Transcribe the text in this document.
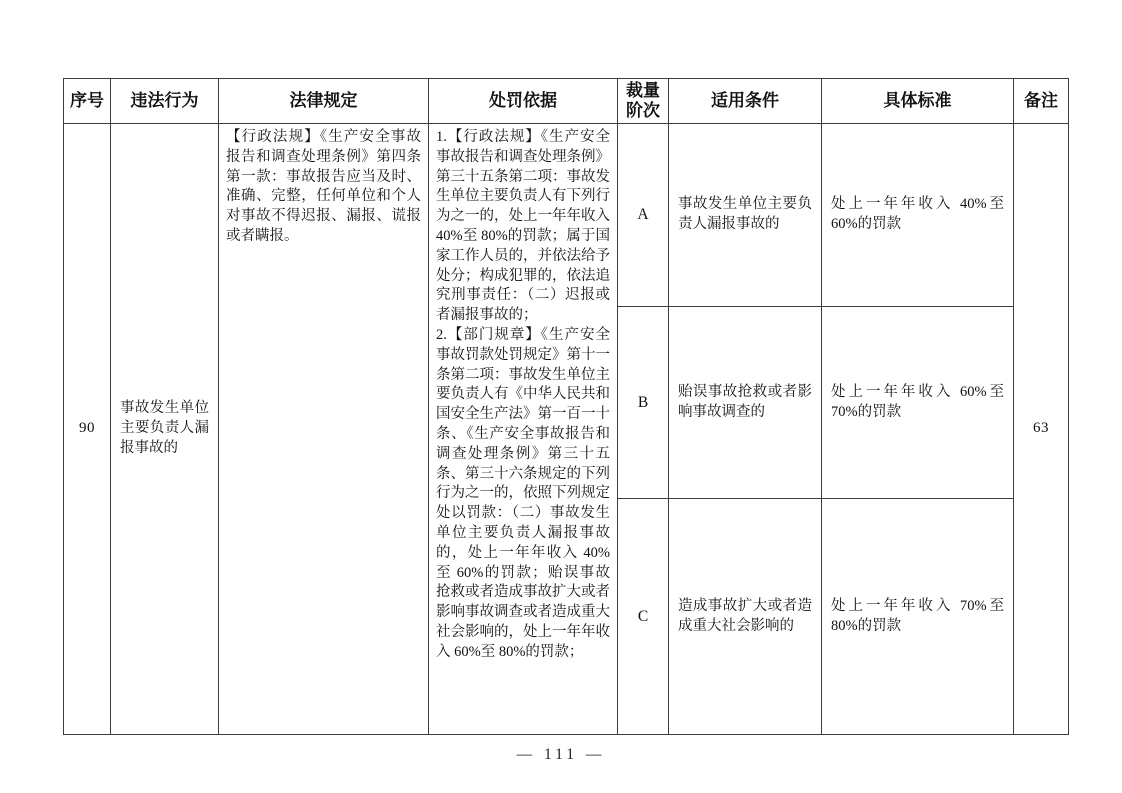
序号	违法行为	法律规定	处罚依据	裁量阶次	适用条件	具体标准	备注
90	事故发生单位主要负责人漏报事故的	【行政法规】《生产安全事故报告和调查处理条例》第四条第一款：事故报告应当及时、准确、完整，任何单位和个人对事故不得迟报、漏报、谎报或者瞒报。	1.【行政法规】《生产安全事故报告和调查处理条例》第三十五条第二项：事故发生单位主要负责人有下列行为之一的，处上一年年收入 40%至 80%的罚款；属于国家工作人员的，并依法给予处分；构成犯罪的，依法追究刑事责任：（二）迟报或者漏报事故的；
2.【部门规章】《生产安全事故罚款处罚规定》第十一条第二项：事故发生单位主要负责人有《中华人民共和国安全生产法》第一百一十条、《生产安全事故报告和调查处理条例》第三十五条、第三十六条规定的下列行为之一的，依照下列规定处以罚款：（二）事故发生单位主要负责人漏报事故的，处上一年年收入 40%至 60%的罚款；贻误事故抢救或者造成事故扩大或者影响事故调查或者造成重大社会影响的，处上一年年收入 60%至 80%的罚款；	A	事故发生单位主要负责人漏报事故的	处上一年年收入 40%至 60%的罚款	63
				B	贻误事故抢救或者影响事故调查的	处上一年年收入 60%至 70%的罚款	

				C	造成事故扩大或者造成重大社会影响的	处上一年年收入 70%至 80%的罚款	
— 111 —
